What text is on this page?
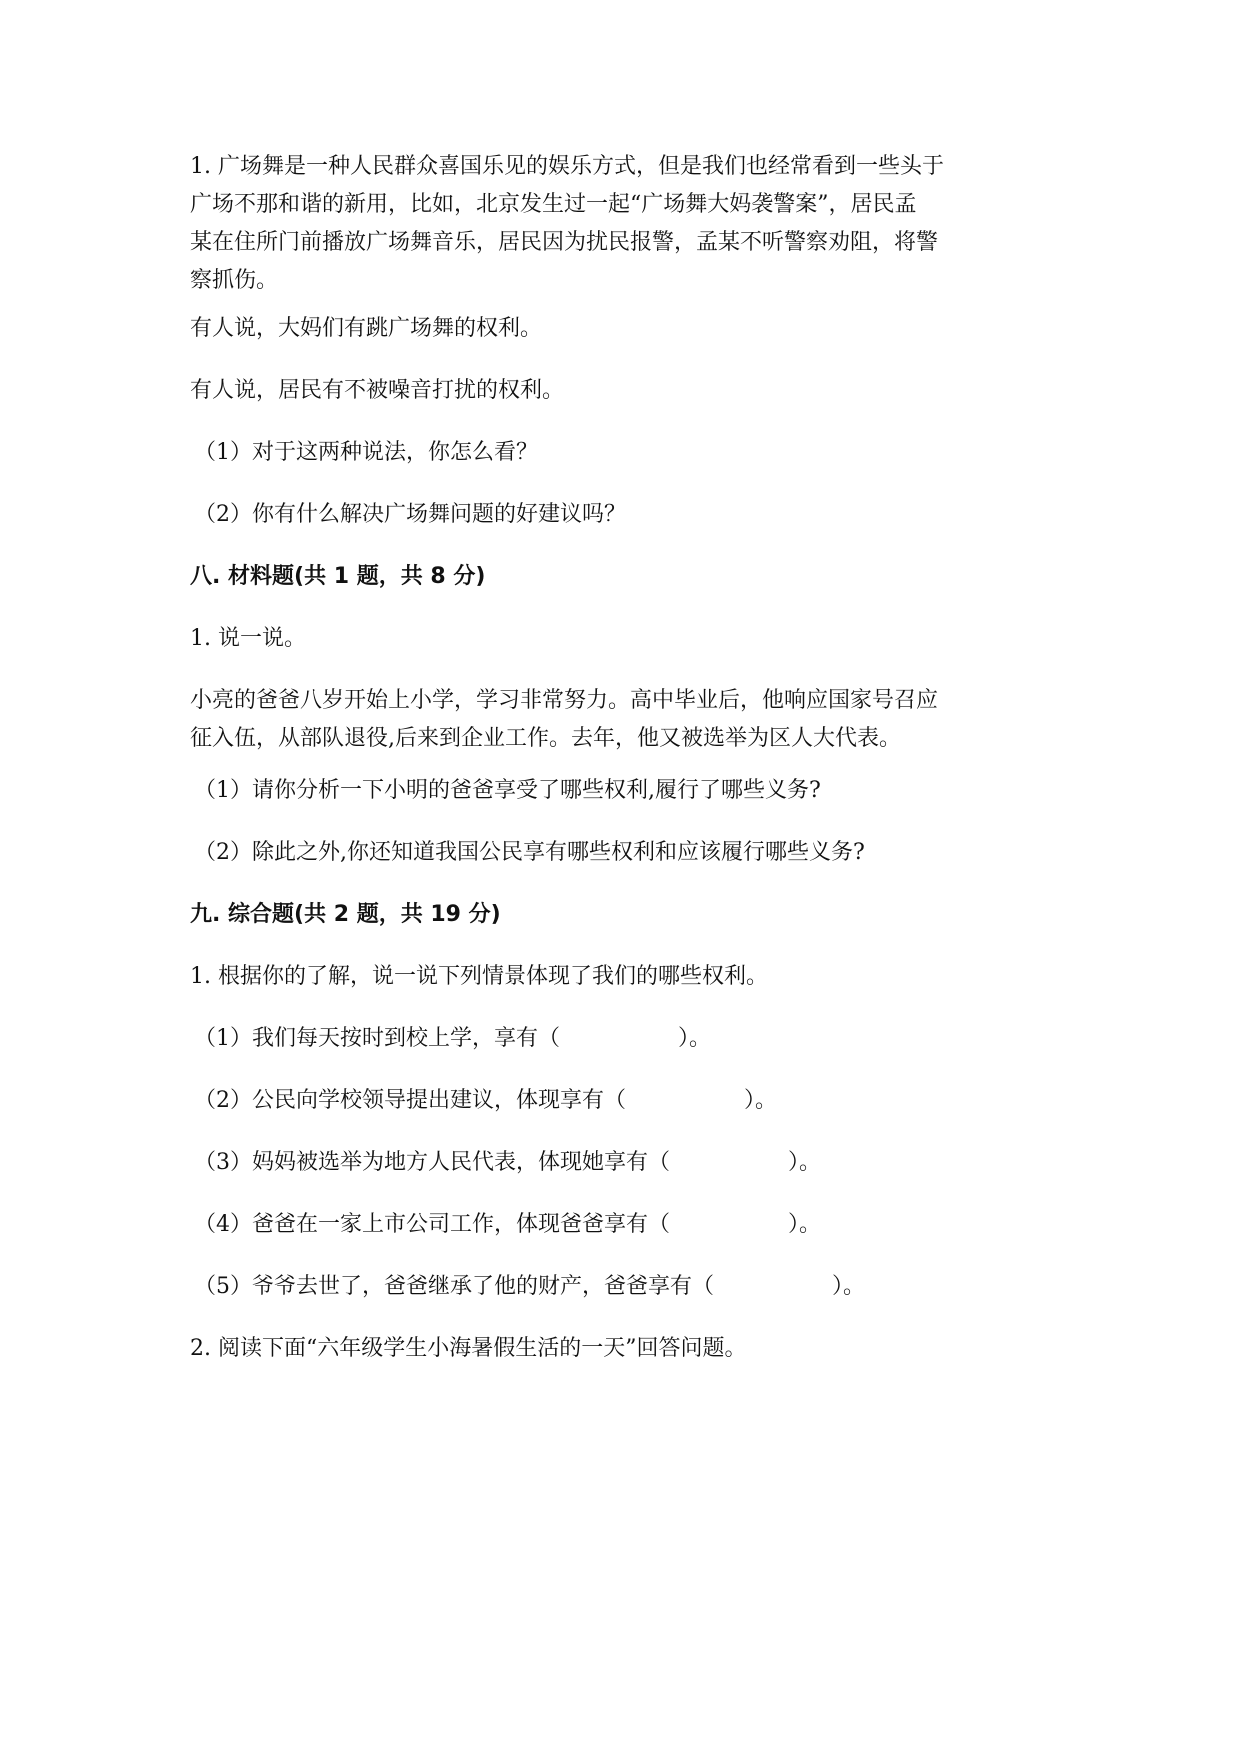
1. 广场舞是一种人民群众喜国乐见的娱乐方式，但是我们也经常看到一些头于
广场不那和谐的新用，比如，北京发生过一起“广场舞大妈袭警案”，居民孟
某在住所门前播放广场舞音乐，居民因为扰民报警，孟某不听警察劝阻，将警
察抓伤。

有人说，大妈们有跳广场舞的权利。

有人说，居民有不被噪音打扰的权利。

（1）对于这两种说法，你怎么看？

（2）你有什么解决广场舞问题的好建议吗？

八. 材料题(共 1 题，共 8 分)

1. 说一说。

小亮的爸爸八岁开始上小学，学习非常努力。高中毕业后，他响应国家号召应
征入伍，从部队退役,后来到企业工作。去年，他又被选举为区人大代表。

（1）请你分析一下小明的爸爸享受了哪些权利,履行了哪些义务?

（2）除此之外,你还知道我国公民享有哪些权利和应该履行哪些义务?

九. 综合题(共 2 题，共 19 分)

1. 根据你的了解，说一说下列情景体现了我们的哪些权利。

（1）我们每天按时到校上学，享有（	）。

（2）公民向学校领导提出建议，体现享有（	）。

（3）妈妈被选举为地方人民代表，体现她享有（	）。

（4）爸爸在一家上市公司工作，体现爸爸享有（	）。

（5）爷爷去世了，爸爸继承了他的财产，爸爸享有（	）。

2. 阅读下面“六年级学生小海暑假生活的一天”回答问题。
